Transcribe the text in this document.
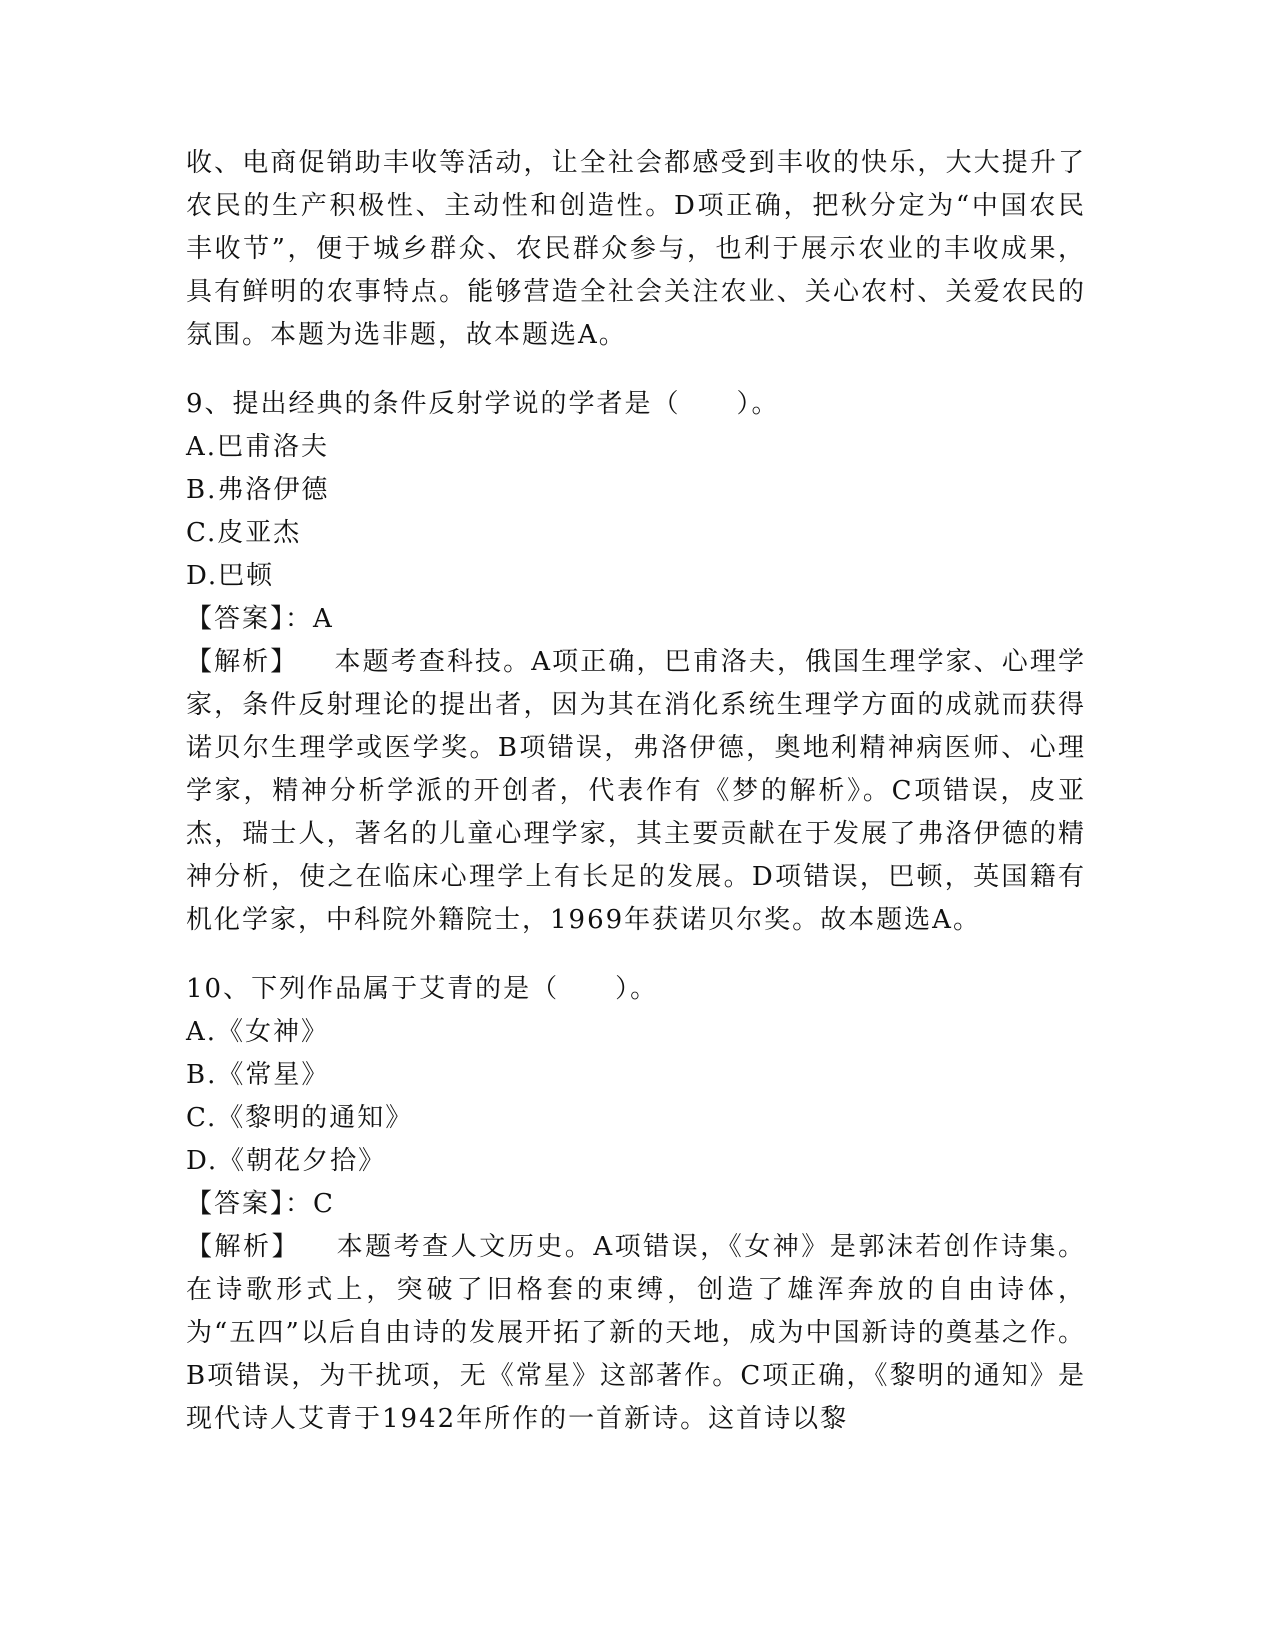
收、电商促销助丰收等活动，让全社会都感受到丰收的快乐，大大提升了农民的生产积极性、主动性和创造性。D项正确，把秋分定为“中国农民丰收节”，便于城乡群众、农民群众参与，也利于展示农业的丰收成果，具有鲜明的农事特点。能够营造全社会关注农业、关心农村、关爱农民的氛围。本题为选非题，故本题选A。

9、提出经典的条件反射学说的学者是（　　）。

A.巴甫洛夫

B.弗洛伊德

C.皮亚杰

D.巴顿

【答案】：A

【解析】 本题考查科技。A项正确，巴甫洛夫，俄国生理学家、心理学家，条件反射理论的提出者，因为其在消化系统生理学方面的成就而获得诺贝尔生理学或医学奖。B项错误，弗洛伊德，奥地利精神病医师、心理学家，精神分析学派的开创者，代表作有《梦的解析》。C项错误，皮亚杰，瑞士人，著名的儿童心理学家，其主要贡献在于发展了弗洛伊德的精神分析，使之在临床心理学上有长足的发展。D项错误，巴顿，英国籍有机化学家，中科院外籍院士，1969年获诺贝尔奖。故本题选A。

10、下列作品属于艾青的是（　　）。

A.《女神》

B.《常星》

C.《黎明的通知》

D.《朝花夕拾》

【答案】：C

【解析】 本题考查人文历史。A项错误，《女神》是郭沫若创作诗集。在诗歌形式上，突破了旧格套的束缚，创造了雄浑奔放的自由诗体，为“五四”以后自由诗的发展开拓了新的天地，成为中国新诗的奠基之作。B项错误，为干扰项，无《常星》这部著作。C项正确，《黎明的通知》是现代诗人艾青于1942年所作的一首新诗。这首诗以黎
